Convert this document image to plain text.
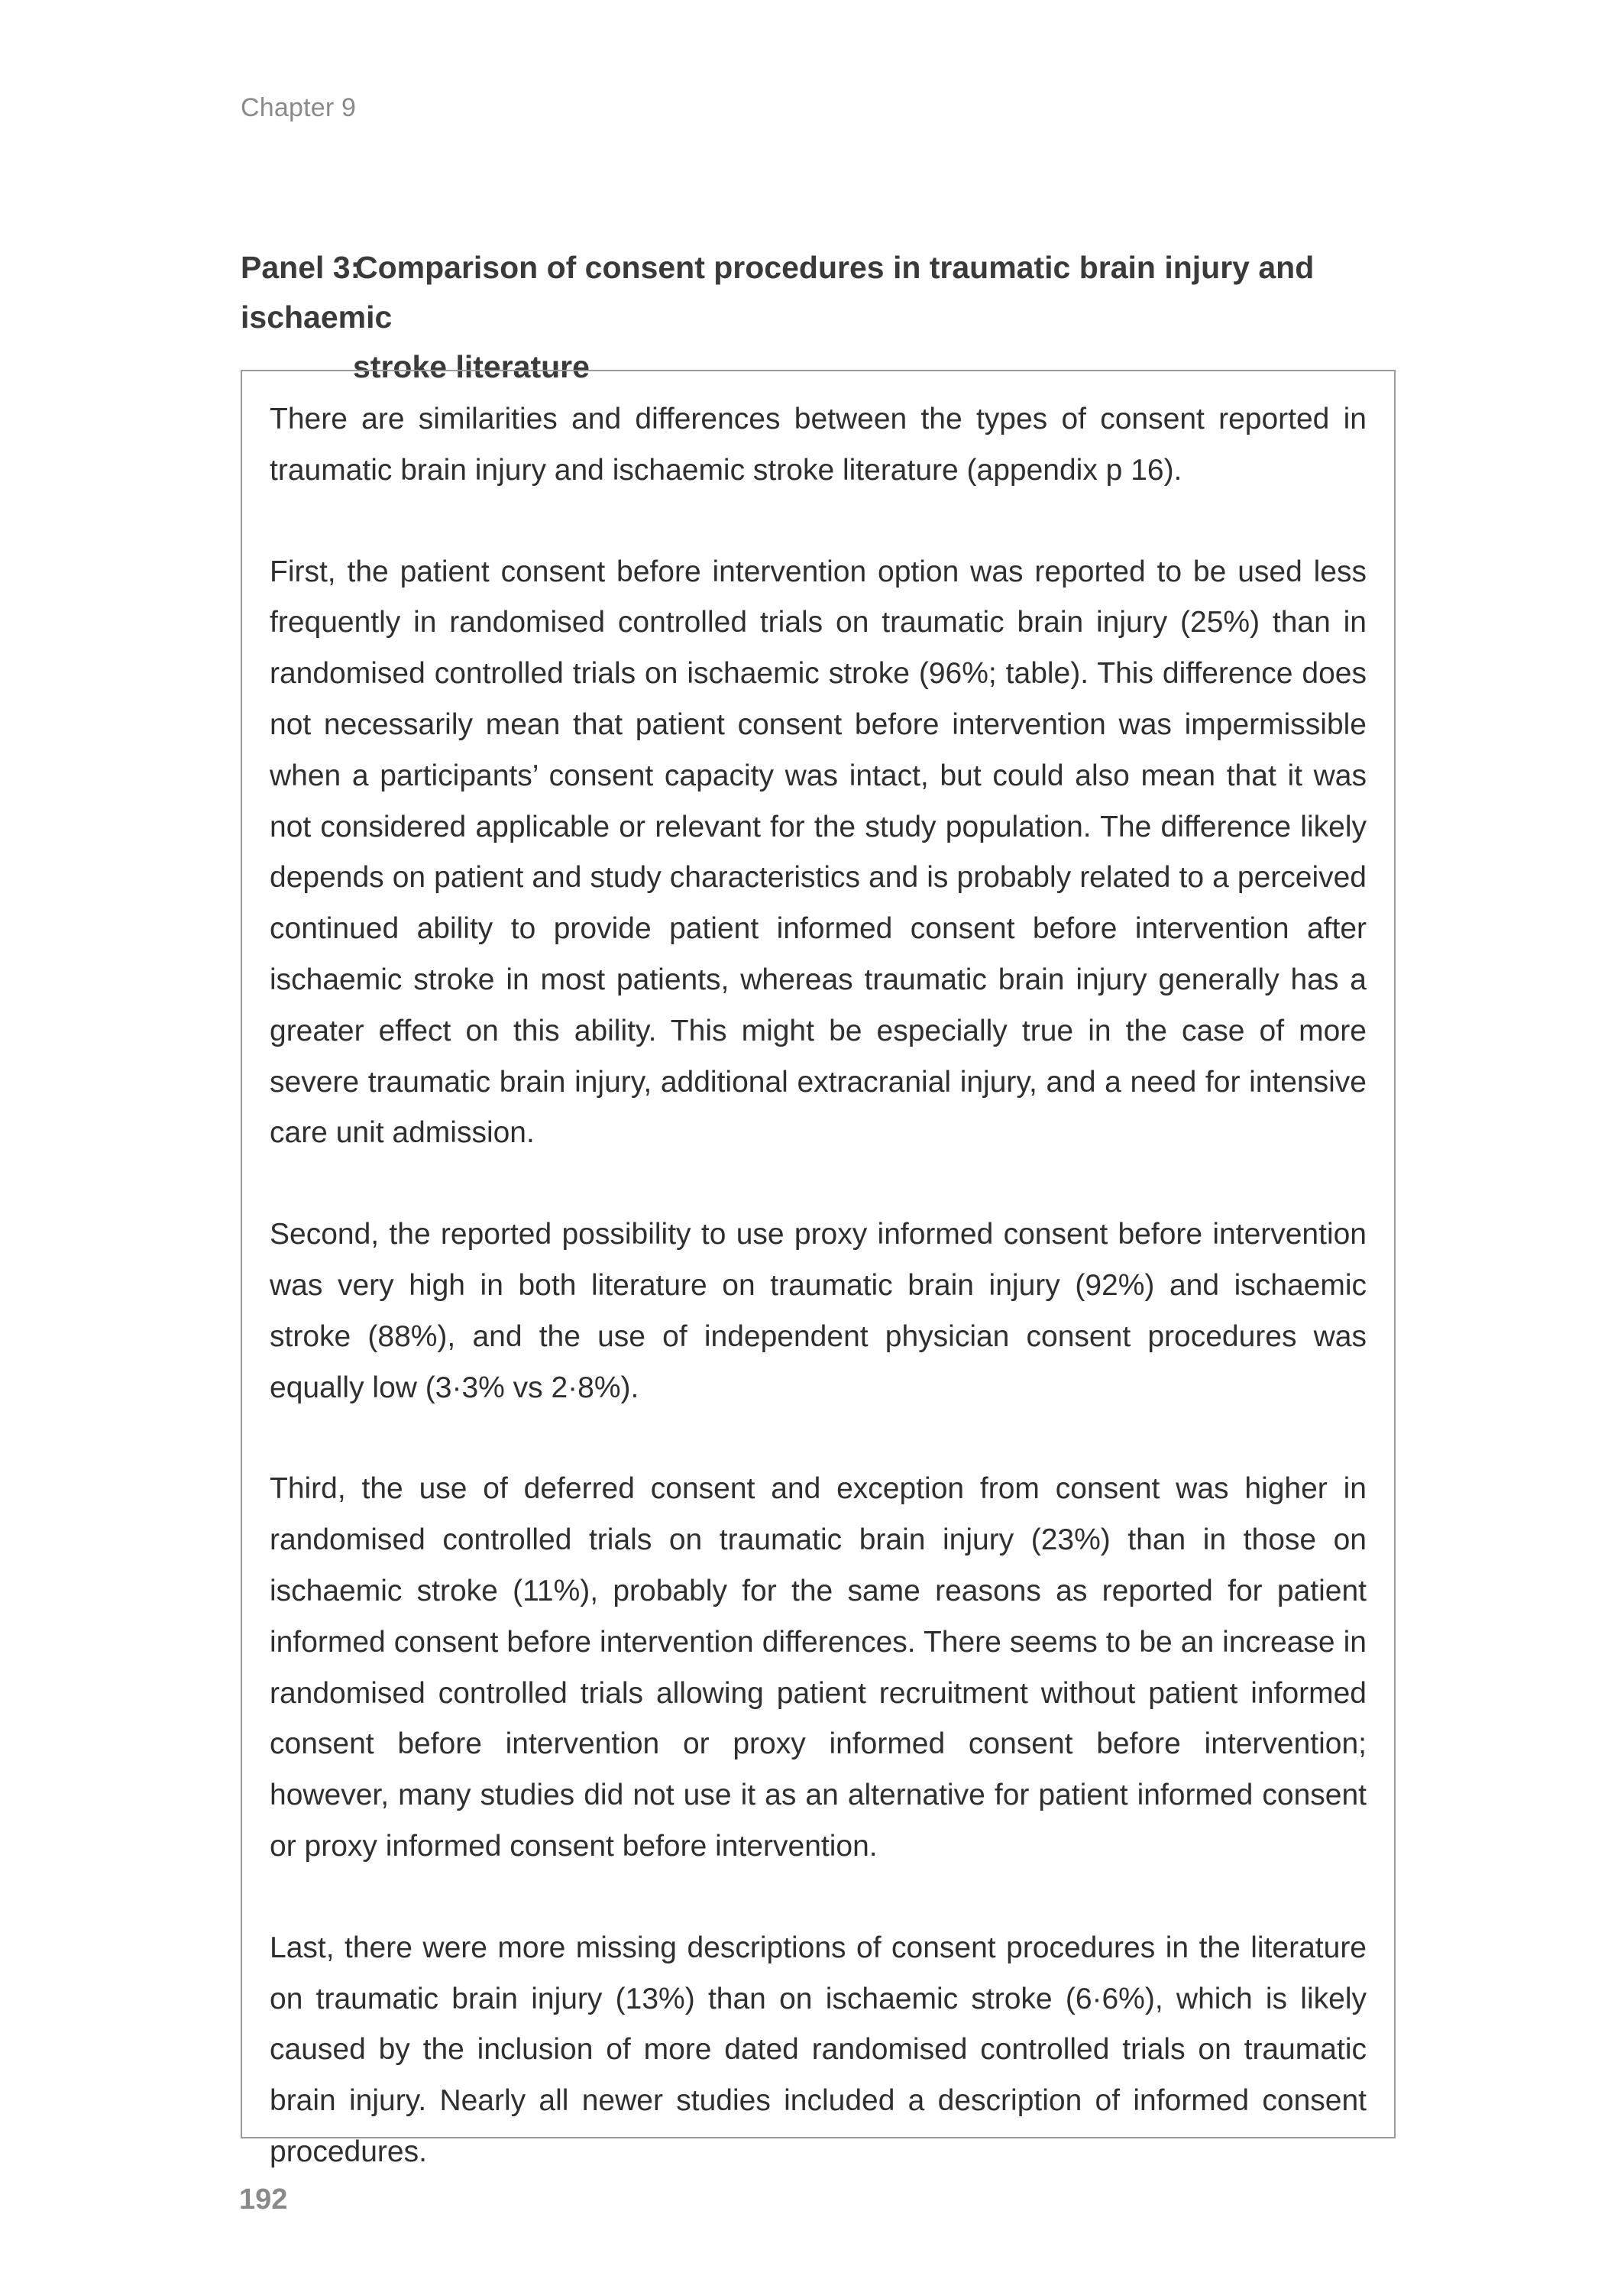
Chapter 9
Panel 3:Comparison of consent procedures in traumatic brain injury and ischaemic
stroke literature

There are similarities and differences between the types of consent reported in traumatic brain injury and ischaemic stroke literature (appendix p 16).

First, the patient consent before intervention option was reported to be used less frequently in randomised controlled trials on traumatic brain injury (25%) than in randomised controlled trials on ischaemic stroke (96%; table). This difference does not necessarily mean that patient consent before intervention was impermissible when a participants’ consent capacity was intact, but could also mean that it was not considered applicable or relevant for the study population. The difference likely depends on patient and study characteristics and is probably related to a perceived continued ability to provide patient informed consent before intervention after ischaemic stroke in most patients, whereas traumatic brain injury generally has a greater effect on this ability. This might be especially true in the case of more severe traumatic brain injury, additional extracranial injury, and a need for intensive care unit admission.

Second, the reported possibility to use proxy informed consent before intervention was very high in both literature on traumatic brain injury (92%) and ischaemic stroke (88%), and the use of independent physician consent procedures was equally low (3·3% vs 2·8%).

Third, the use of deferred consent and exception from consent was higher in randomised controlled trials on traumatic brain injury (23%) than in those on ischaemic stroke (11%), probably for the same reasons as reported for patient informed consent before intervention differences. There seems to be an increase in randomised controlled trials allowing patient recruitment without patient informed consent before intervention or proxy informed consent before intervention; however, many studies did not use it as an alternative for patient informed consent or proxy informed consent before intervention.

Last, there were more missing descriptions of consent procedures in the literature on traumatic brain injury (13%) than on ischaemic stroke (6·6%), which is likely caused by the inclusion of more dated randomised controlled trials on traumatic brain injury. Nearly all newer studies included a description of informed consent procedures.

192
